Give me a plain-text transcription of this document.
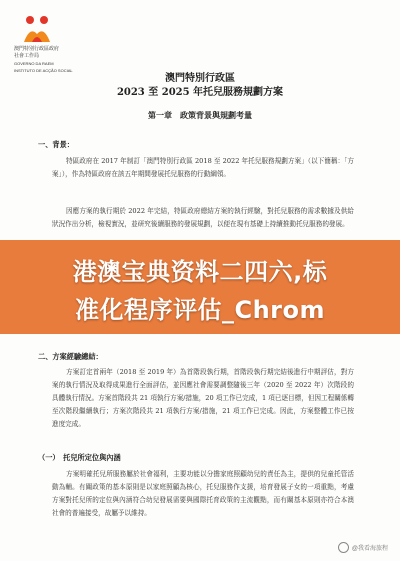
澳門特別行政區政府
社會工作局
GOVERNO DA RAEM
INSTITUTO DE ACÇÃO SOCIAL
澳門特別行政區
2023 至 2025 年托兒服務規劃方案
第一章　政策背景與規劃考量
一、背景：
特區政府在 2017 年制訂「澳門特別行政區 2018 至 2022 年托兒服務規劃方案」（以下簡稱：「方案」），作為特區政府在該五年期間發展托兒服務的行動綱領。
因應方案的執行期於 2022 年完結，特區政府總結方案的執行經驗，對托兒服務的需求數據及供給狀況作出分析，檢視實況，並研究後續服務的發展規劃，以便在現有基礎上持續推動托兒服務的發展。
二、方案經驗總結：
方案訂定首兩年（2018 至 2019 年）為首階段執行期，首階段執行期完結後進行中期評估，對方案的執行情況及取得成果進行全面評估，並因應社會需要調整隨後三年（2020 至 2022 年）次階段的具體執行情況。方案首階段共 21 項執行方案/措施，20 項工作已完成，1 項已逐目標，但因工程關係轉至次階段繼續執行；方案次階段共 21 項執行方案/措施，21 項工作已完成。因此，方案整體工作已按進度完成。
（一）　托兒所定位與內涵
方案明確托兒所服務屬於社會福利，主要功能以分擔家庭照顧幼兒的責任為主，提供的兒童托管活動為輔。有關政策的基本原則是以家庭照顧為核心，托兒服務作支援，培育發展子女的一項重點，考慮方案對托兒所的定位與內涵符合幼兒發展需要與國際托育政策的主流觀點，而有關基本原則亦符合本澳社會的普遍接受，故屬予以維持。
港澳宝典资料二四六,标
准化程序评估_Chrom
@我看海旅程
